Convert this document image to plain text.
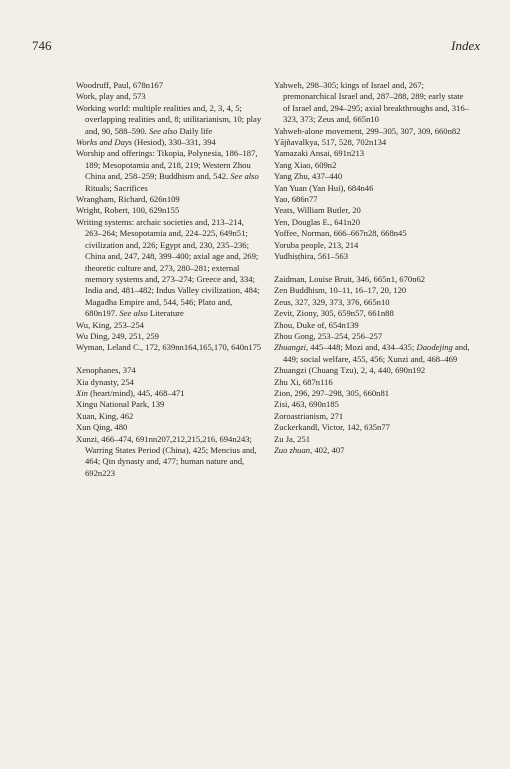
746	Index
Woodruff, Paul, 678n167
Work, play and, 573
Working world: multiple realities and, 2, 3, 4, 5; overlapping realities and, 8; utilitarianism, 10; play and, 90, 588–590. See also Daily life
Works and Days (Hesiod), 330–331, 394
Worship and offerings: Tikopia, Polynesia, 186–187, 189; Mesopotamia and, 218, 219; Western Zhou China and, 258–259; Buddhism and, 542. See also Rituals; Sacrifices
Wrangham, Richard, 626n109
Wright, Robert, 100, 629n155
Writing systems: archaic societies and, 213–214, 263–264; Mesopotamia and, 224–225, 649n51; civilization and, 226; Egypt and, 230, 235–236; China and, 247, 248, 399–400; axial age and, 269; theoretic culture and, 273, 280–281; external memory systems and, 273–274; Greece and, 334; India and, 481–482; Indus Valley civilization, 484; Magadha Empire and, 544, 546; Plato and, 680n197. See also Literature
Wu, King, 253–254
Wu Ding, 249, 251, 259
Wyman, Leland C., 172, 639nn164,165,170, 640n175
Xenophanes, 374
Xia dynasty, 254
Xin (heart/mind), 445, 468–471
Xingu National Park, 139
Xuan, King, 462
Xun Qing, 480
Xunzi, 466–474, 691nn207,212,215,216, 694n243; Warring States Period (China), 425; Mencius and, 464; Qin dynasty and, 477; human nature and, 692n223
Yahweh, 298–305; kings of Israel and, 267; premonarchical Israel and, 287–288, 289; early state of Israel and, 294–295; axial breakthroughs and, 316–323, 373; Zeus and, 665n10
Yahweh-alone movement, 299–305, 307, 309, 660n82
Yājñavalkya, 517, 528, 702n134
Yamazaki Ansai, 691n213
Yang Xiao, 609n2
Yang Zhu, 437–440
Yan Yuan (Yan Hui), 684n46
Yao, 686n77
Yeats, William Butler, 20
Yen, Douglas E., 641n20
Yoffee, Norman, 666–667n28, 668n45
Yoruba people, 213, 214
Yudhiṣṭhira, 561–563
Zaidman, Louise Bruit, 346, 665n1, 670n62
Zen Buddhism, 10–11, 16–17, 20, 120
Zeus, 327, 329, 373, 376, 665n10
Zevit, Ziony, 305, 659n57, 661n88
Zhou, Duke of, 654n139
Zhou Gong, 253–254, 256–257
Zhuangzi, 445–448; Mozi and, 434–435; Daodejing and, 449; social welfare, 455, 456; Xunzi and, 468–469
Zhuangzi (Chuang Tzu), 2, 4, 440, 690n192
Zhu Xi, 687n116
Zion, 296, 297–298, 305, 660n81
Zisi, 463, 690n185
Zoroastrianism, 271
Zuckerkandl, Victor, 142, 635n77
Zu Ja, 251
Zuo zhuan, 402, 407
